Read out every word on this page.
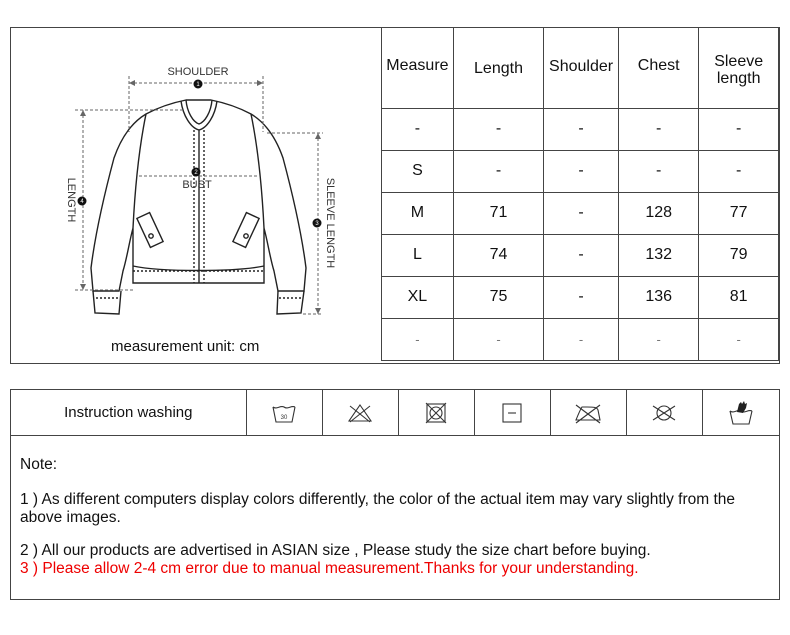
1
2
3
4
SHOULDER
BUST
LENGTH	SLEEVE LENGTH
measurement unit: cm
Measure	Length	Shoulder	Chest	Sleeve length
-	-	-	-	-
S	-	-	-	-
M	71	-	128	77
L	74	-	132	79
XL	75	-	136	81
-	-	-	-	-
Instruction washing	30

Note:

1 ) As different computers display colors differently, the color of the actual item may vary slightly from the above images.

2 ) All our products are advertised in ASIAN size , Please study the size chart before buying.

3 ) Please allow 2-4 cm error due to manual measurement.Thanks for your understanding.
